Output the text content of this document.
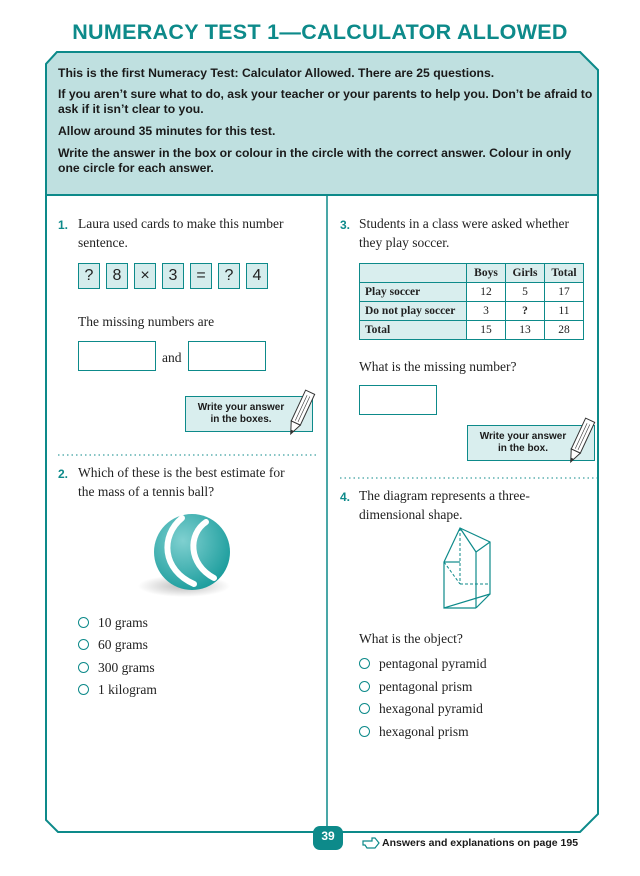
NUMERACY TEST 1—CALCULATOR ALLOWED
This is the first Numeracy Test: Calculator Allowed. There are 25 questions.
If you aren’t sure what to do, ask your teacher or your parents to help you. Don’t be afraid to ask if it isn’t clear to you.
Allow around 35 minutes for this test.
Write the answer in the box or colour in the circle with the correct answer. Colour in only one circle for each answer.
1. Laura used cards to make this number sentence.
?	8	×	3	=	?	4
The missing numbers are
and
Write your answer in the boxes.
2. Which of these is the best estimate for the mass of a tennis ball?
10 grams
60 grams
300 grams
1 kilogram
3. Students in a class were asked whether they play soccer.
	Boys	Girls	Total
Play soccer	12	5	17
Do not play soccer	3	?	11
Total	15	13	28
What is the missing number?
Write your answer in the box.
4. The diagram represents a three-dimensional shape.
What is the object?
pentagonal pyramid
pentagonal prism
hexagonal pyramid
hexagonal prism
39	Answers and explanations on page 195
